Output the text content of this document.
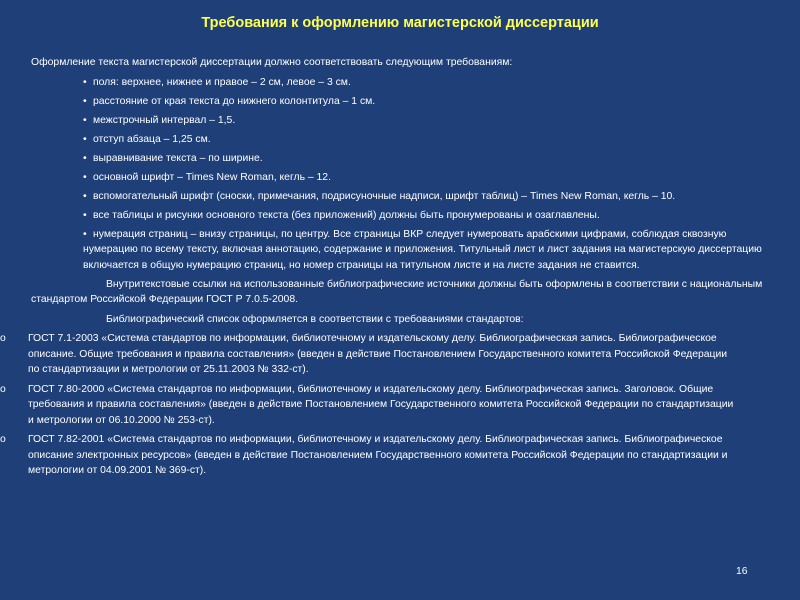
Требования к оформлению магистерской диссертации

Оформление текста магистерской диссертации должно соответствовать следующим требованиям:

• поля: верхнее, нижнее и правое – 2 см, левое – 3 см.
• расстояние от края текста до нижнего колонтитула – 1 см.
• межстрочный интервал – 1,5.
• отступ абзаца – 1,25 см.
• выравнивание текста – по ширине.
• основной шрифт – Times New Roman, кегль – 12.
• вспомогательный шрифт (сноски, примечания, подрисуночные надписи, шрифт таблиц) – Times New Roman, кегль – 10.
• все таблицы и рисунки основного текста (без приложений) должны быть пронумерованы и озаглавлены.
• нумерация страниц – внизу страницы, по центру. Все страницы ВКР следует нумеровать арабскими цифрами, соблюдая сквозную нумерацию по всему тексту, включая аннотацию, содержание и приложения. Титульный лист и лист задания на магистерскую диссертацию включается в общую нумерацию страниц, но номер страницы на титульном листе и на листе задания не ставится.

Внутритекстовые ссылки на использованные библиографические источники должны быть оформлены в соответствии с национальным стандартом Российской Федерации ГОСТ Р 7.0.5-2008.

Библиографический список оформляется в соответствии с требованиями стандартов:

o ГОСТ 7.1-2003 «Система стандартов по информации, библиотечному и издательскому делу. Библиографическая запись. Библиографическое описание. Общие требования и правила составления» (введен в действие Постановлением Государственного комитета Российской Федерации по стандартизации и метрологии от 25.11.2003 № 332-ст).
o ГОСТ 7.80-2000 «Система стандартов по информации, библиотечному и издательскому делу. Библиографическая запись. Заголовок. Общие требования и правила составления» (введен в действие Постановлением Государственного комитета Российской Федерации по стандартизации и метрологии от 06.10.2000 № 253-ст).
o ГОСТ 7.82-2001 «Система стандартов по информации, библиотечному и издательскому делу. Библиографическая запись. Библиографическое описание электронных ресурсов» (введен в действие Постановлением Государственного комитета Российской Федерации по стандартизации и метрологии от 04.09.2001 № 369-ст).
16
